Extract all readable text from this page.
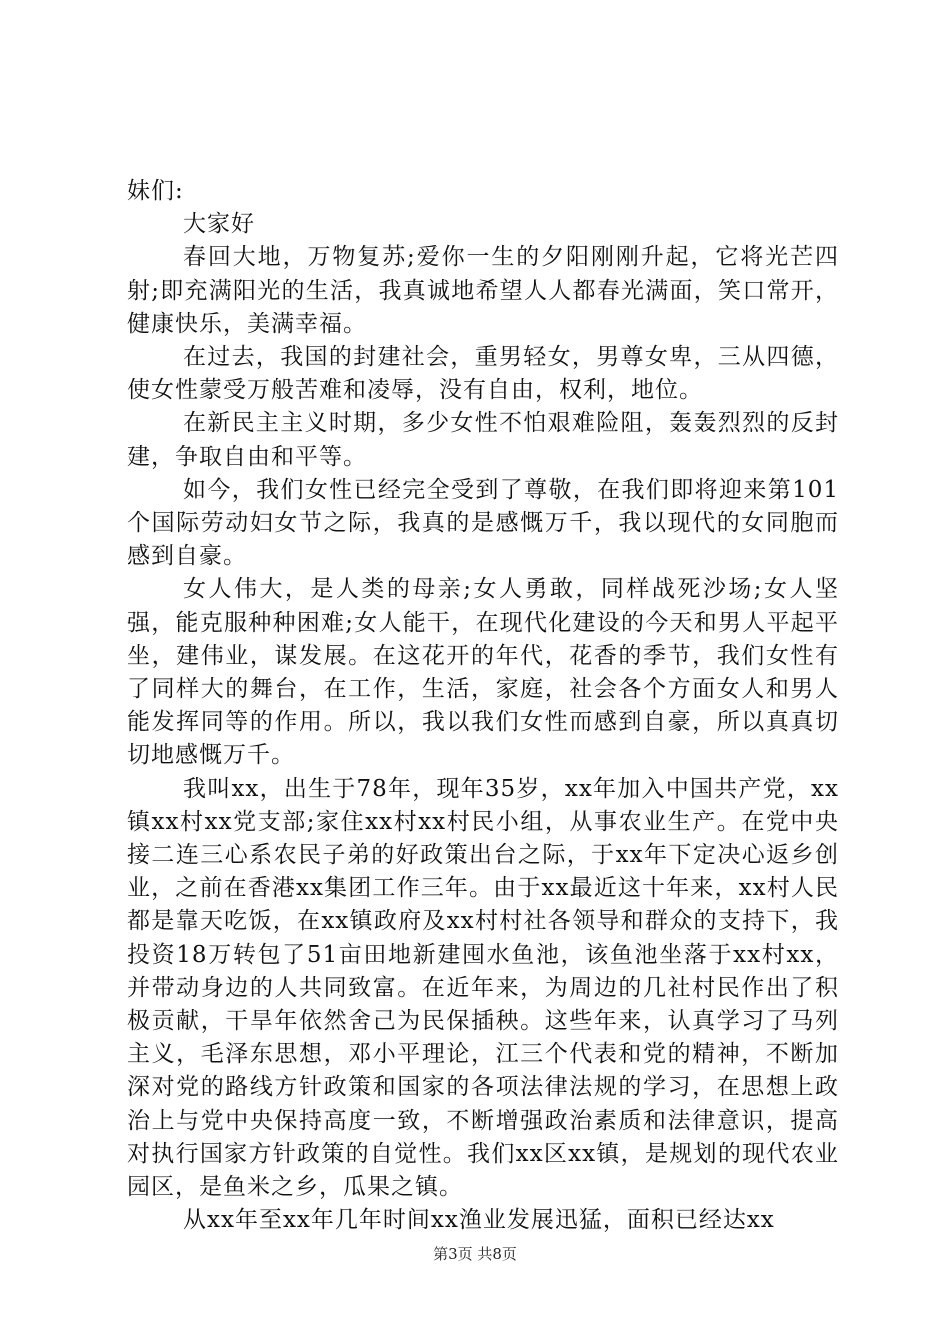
妹们:

大家好

春回大地，万物复苏;爱你一生的夕阳刚刚升起，它将光芒四射;即充满阳光的生活，我真诚地希望人人都春光满面，笑口常开，健康快乐，美满幸福。

在过去，我国的封建社会，重男轻女，男尊女卑，三从四德，使女性蒙受万般苦难和凌辱，没有自由，权利，地位。

在新民主主义时期，多少女性不怕艰难险阻，轰轰烈烈的反封建，争取自由和平等。

如今，我们女性已经完全受到了尊敬，在我们即将迎来第101个国际劳动妇女节之际，我真的是感慨万千，我以现代的女同胞而感到自豪。

女人伟大，是人类的母亲;女人勇敢，同样战死沙场;女人坚强，能克服种种困难;女人能干，在现代化建设的今天和男人平起平坐，建伟业，谋发展。在这花开的年代，花香的季节，我们女性有了同样大的舞台，在工作，生活，家庭，社会各个方面女人和男人能发挥同等的作用。所以，我以我们女性而感到自豪，所以真真切切地感慨万千。

我叫xx，出生于78年，现年35岁，xx年加入中国共产党，xx镇xx村xx党支部;家住xx村xx村民小组，从事农业生产。在党中央接二连三心系农民子弟的好政策出台之际，于xx年下定决心返乡创业，之前在香港xx集团工作三年。由于xx最近这十年来，xx村人民都是靠天吃饭，在xx镇政府及xx村村社各领导和群众的支持下，我投资18万转包了51亩田地新建囤水鱼池，该鱼池坐落于xx村xx，并带动身边的人共同致富。在近年来，为周边的几社村民作出了积极贡献，干旱年依然舍己为民保插秧。这些年来，认真学习了马列主义，毛泽东思想，邓小平理论，江三个代表和党的精神，不断加深对党的路线方针政策和国家的各项法律法规的学习，在思想上政治上与党中央保持高度一致，不断增强政治素质和法律意识，提高对执行国家方针政策的自觉性。我们xx区xx镇，是规划的现代农业园区，是鱼米之乡，瓜果之镇。

从xx年至xx年几年时间xx渔业发展迅猛，面积已经达xx

第3页 共8页
